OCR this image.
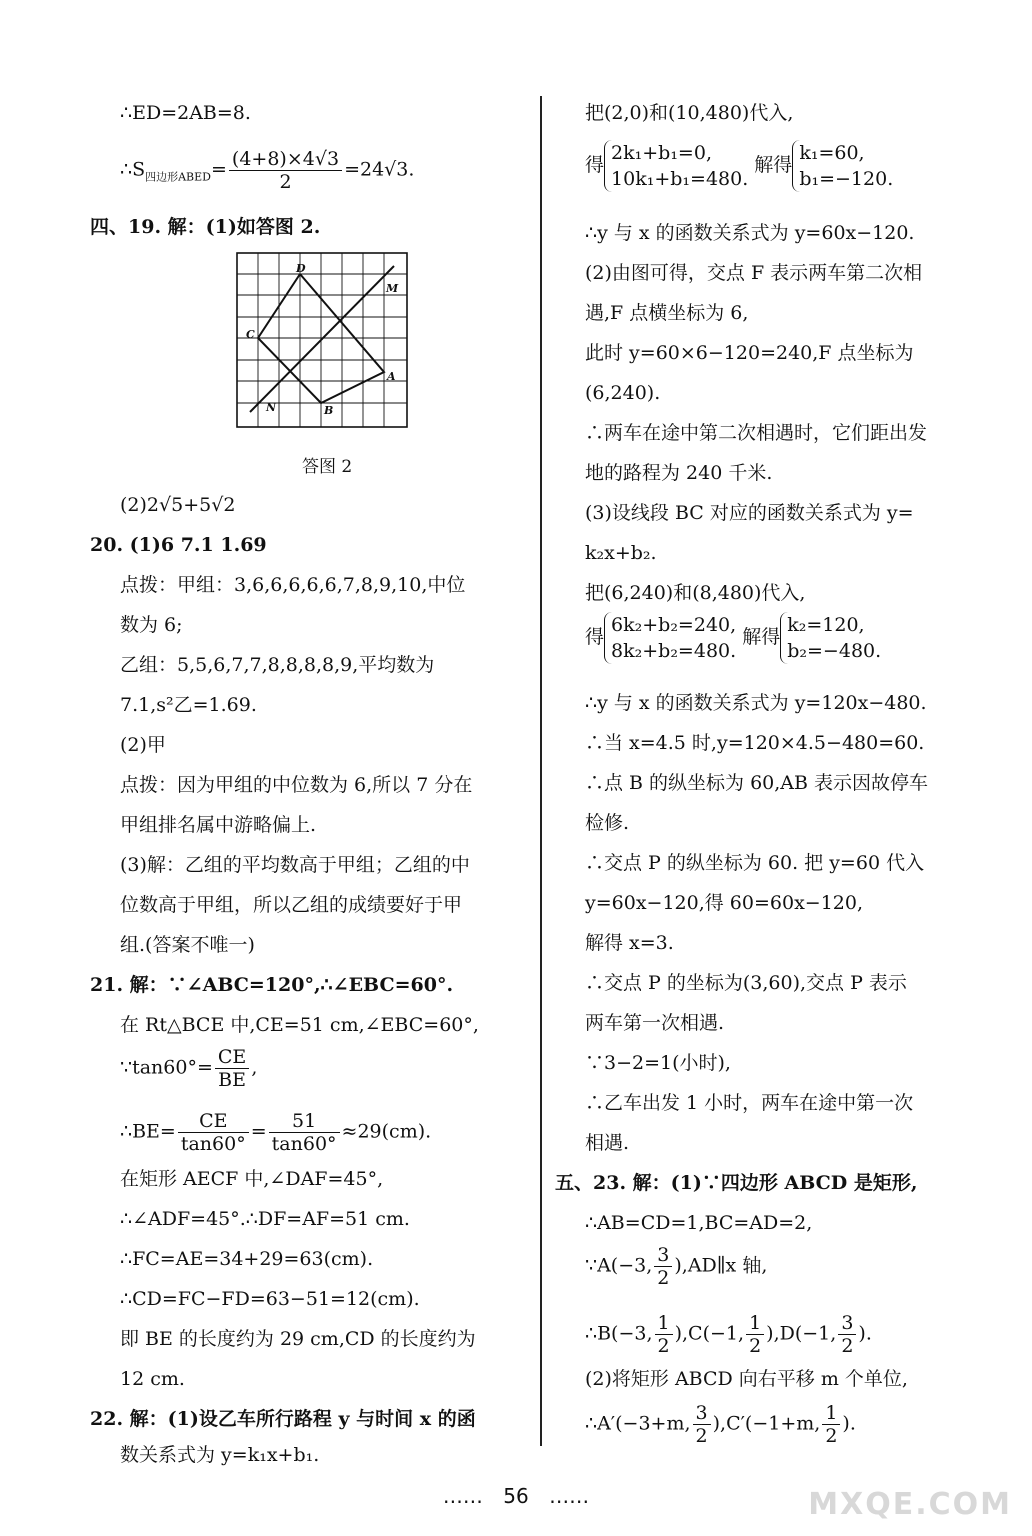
∴ED=2AB=8.
$\therefore S_{四边形ABED}= \frac{(4+8)\times 4√3}{2} =24√3$.
四、19. 解：(1)如答图 2.
D
M
C
A
N	B
答图 2
(2)2√5+5√2
20. (1)6 7.1 1.69
点拨：甲组：3,6,6,6,6,6,7,8,9,10,中位
数为 6;
乙组：5,5,6,7,7,8,8,8,8,9,平均数为
7.1,s²乙=1.69.
(2)甲
点拨：因为甲组的中位数为 6,所以 7 分在
甲组排名属中游略偏上.
(3)解：乙组的平均数高于甲组；乙组的中
位数高于甲组，所以乙组的成绩要好于甲
组.(答案不唯一)
21. 解：∵∠ABC=120°,∴∠EBC=60°.
在 Rt△BCE 中,CE=51 cm,∠EBC=60°,
∵tan60°= $\frac{CE}{BE}$ ,
∴BE= $\frac{CE}{\tan 60^\circ} = \frac{51}{\tan 60^\circ} \approx 29(cm)$.
在矩形 AECF 中,∠DAF=45°,
∴∠ADF=45°.∴DF=AF=51 cm.
∴FC=AE=34+29=63(cm).
∴CD=FC−FD=63−51=12(cm).
即 BE 的长度约为 29 cm,CD 的长度约为
12 cm.
22. 解：(1)设乙车所行路程 y 与时间 x 的函
数关系式为 y=k₁x+b₁.
把(2,0)和(10,480)代入,
得
2k₁+b₁=0,
10k₁+b₁=480.
解得
k₁=60,
b₁=−120.
∴y 与 x 的函数关系式为 y=60x−120.
(2)由图可得，交点 F 表示两车第二次相
遇,F 点横坐标为 6,
此时 y=60×6−120=240,F 点坐标为
(6,240).
∴两车在途中第二次相遇时，它们距出发
地的路程为 240 千米.
(3)设线段 BC 对应的函数关系式为 y=
k₂x+b₂.
把(6,240)和(8,480)代入,
得
6k₂+b₂=240,
8k₂+b₂=480.
解得
k₂=120,
b₂=−480.
∴y 与 x 的函数关系式为 y=120x−480.
∴当 x=4.5 时,y=120×4.5−480=60.
∴点 B 的纵坐标为 60,AB 表示因故停车
检修.
∴交点 P 的纵坐标为 60. 把 y=60 代入
y=60x−120,得 60=60x−120,
解得 x=3.
∴交点 P 的坐标为(3,60),交点 P 表示
两车第一次相遇.
∵3−2=1(小时),
∴乙车出发 1 小时，两车在途中第一次
相遇.
五、23. 解：(1)∵四边形 ABCD 是矩形,
∴AB=CD=1,BC=AD=2,
∵A(−3, $\frac{3}{2}$ ),AD∥x 轴,
∴B(−3, $\frac{1}{2} ),C(-1$, $\frac{1}{2} ),D(-1$, $\frac{3}{2}$ ).
(2)将矩形 ABCD 向右平移 m 个单位,
∴A′(−3+m, $\frac{3}{2} ),C'(-1+m$, $\frac{1}{2}$ ).
…… 56 ……	MXQE.COM
